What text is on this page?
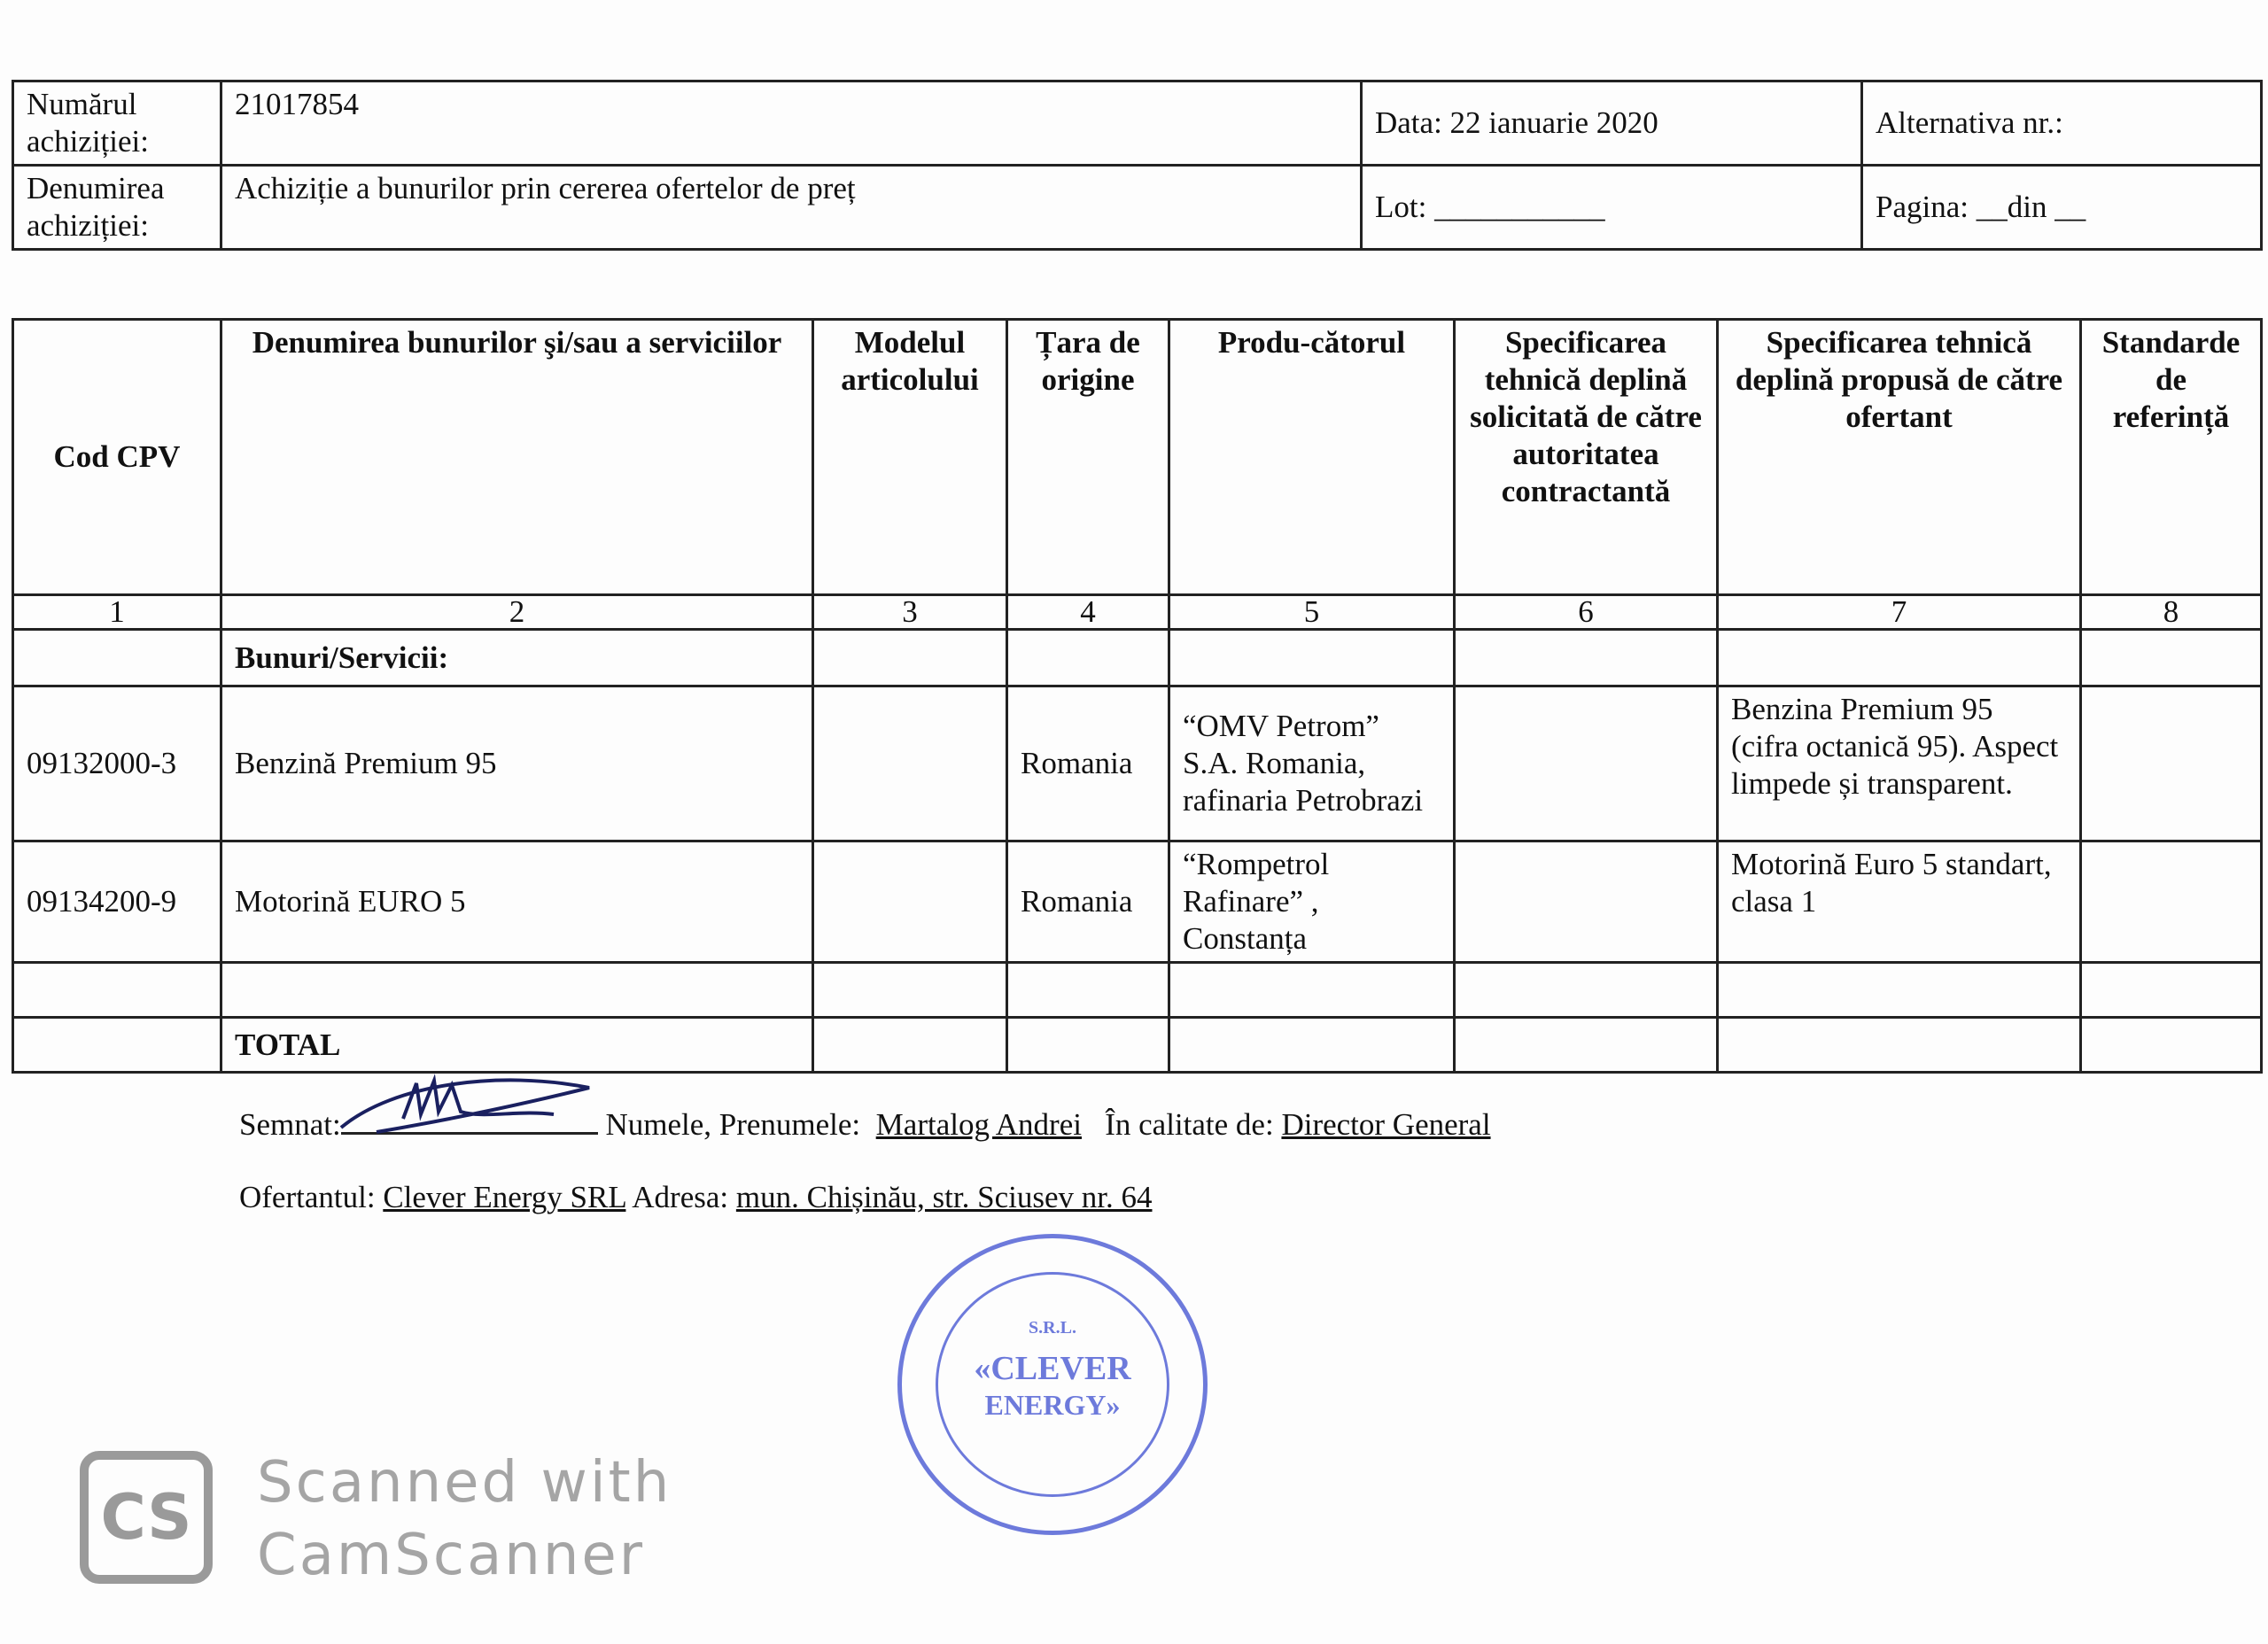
Numărul achiziției:	21017854	Data: 22 ianuarie 2020	Alternativa nr.:
Denumirea achiziției:	Achiziție a bunurilor prin cererea ofertelor de preț	Lot: ___________	Pagina: __din __
Cod CPV	Denumirea bunurilor şi/sau a serviciilor	Modelul articolului	Țara de origine	Produ-cătorul	Specificarea tehnică deplină solicitată de către autoritatea contractantă	Specificarea tehnică deplină propusă de către ofertant	Standarde de referință
1	2	3	4	5	6	7	8
	Bunuri/Servicii:						
09132000-3	Benzină Premium 95		Romania	“OMV Petrom” S.A. Romania, rafinaria Petrobrazi		Benzina Premium 95 (cifra octanică 95). Aspect limpede și transparent.	
09134200-9	Motorină EURO 5		Romania	“Rompetrol Rafinare” , Constanța		Motorină Euro 5 standart, clasa 1	

	TOTAL						
Semnat:	Numele, Prenumele: Martalog Andrei În calitate de: Director General
Ofertantul: Clever Energy SRL Adresa: mun. Chișinău, str. Sciusev nr. 64
S.R.L.
«CLEVER
ENERGY»
CS	Scanned with
CamScanner
